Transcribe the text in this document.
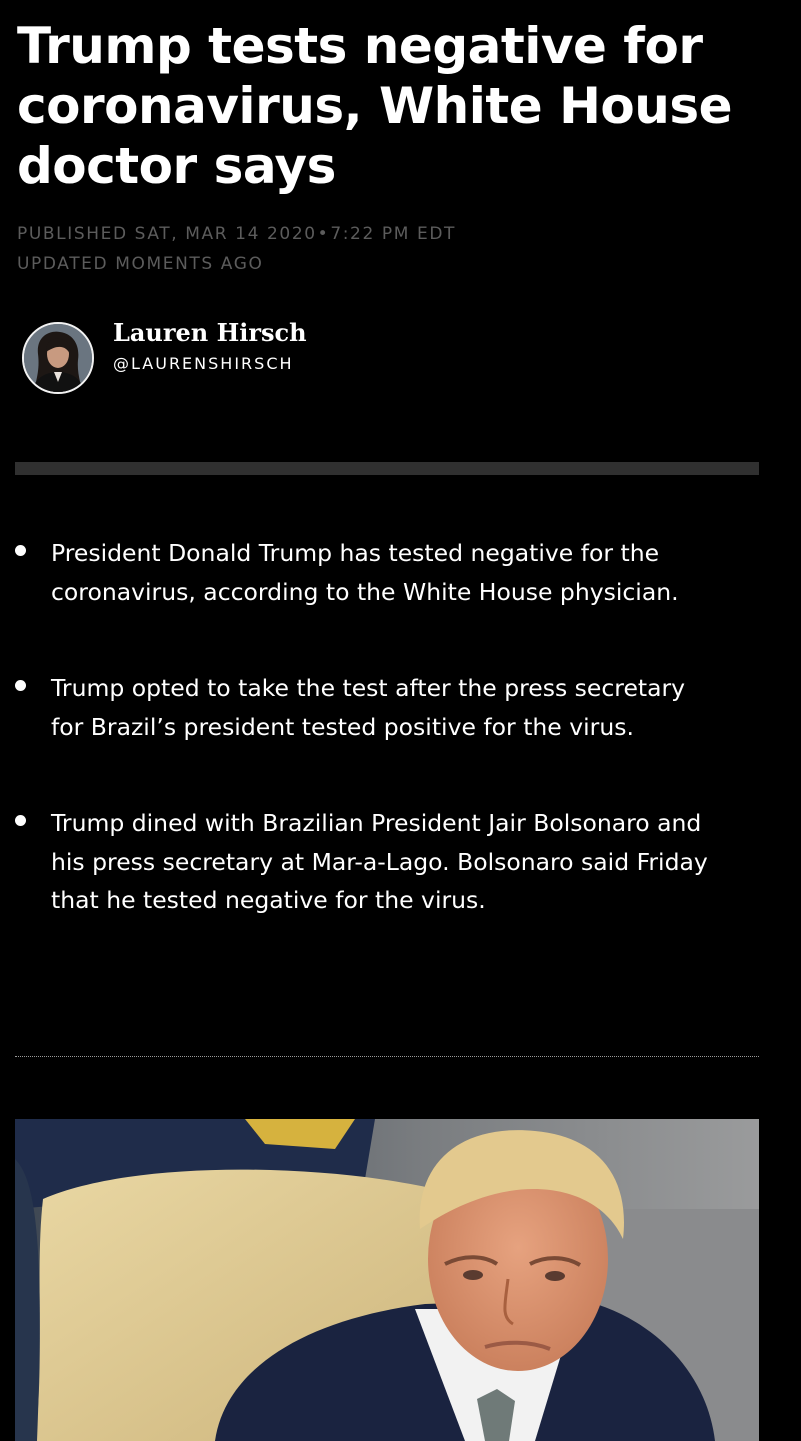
Trump tests negative for coronavirus, White House doctor says
PUBLISHED SAT, MAR 14 2020•7:22 PM EDT
UPDATED MOMENTS AGO
Lauren Hirsch
@LAURENSHIRSCH
President Donald Trump has tested negative for the coronavirus, according to the White House physician.
Trump opted to take the test after the press secretary for Brazil’s president tested positive for the virus.
Trump dined with Brazilian President Jair Bolsonaro and his press secretary at Mar-a-Lago. Bolsonaro said Friday that he tested negative for the virus.
